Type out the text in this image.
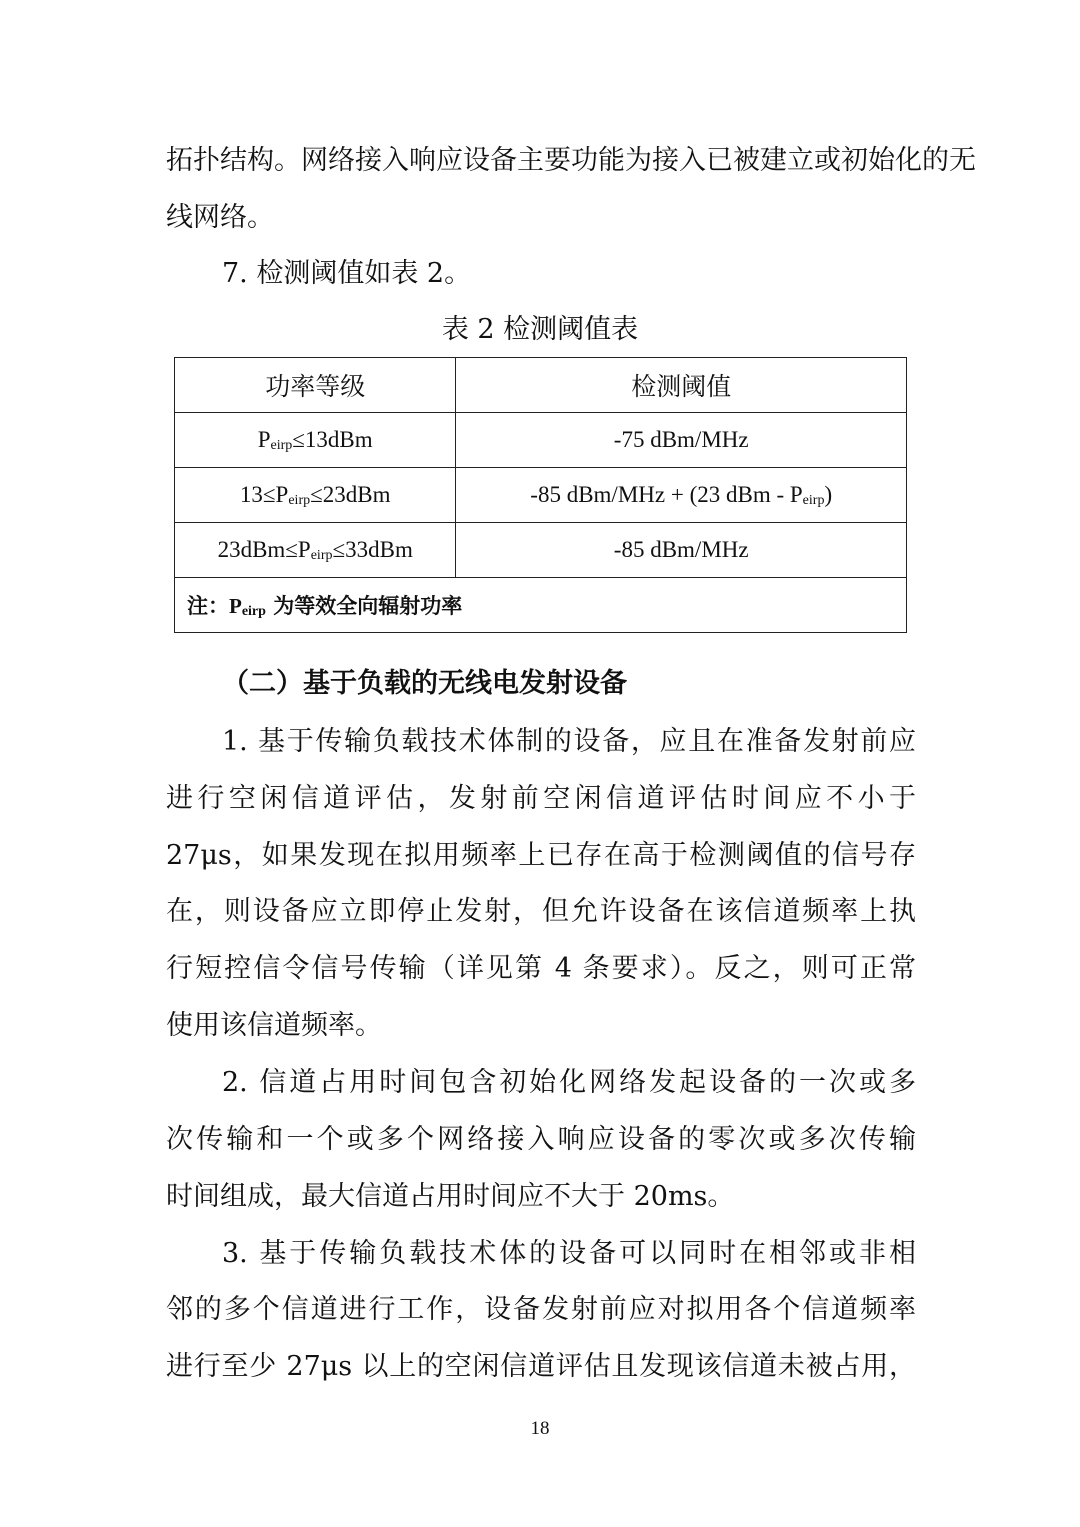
拓扑结构。网络接入响应设备主要功能为接入已被建立或初始化的无
线网络。
7. 检测阈值如表 2。
表 2 检测阈值表
功率等级	检测阈值
$P_{eirp}\le 13dBm$	-75 dBm/MHz
$13\le P_{eirp}\le 23dBm$	-85 dBm/MHz + (23 dBm - $P_{eirp}$)
$23dBm\le P_{eirp}\le 33dBm$	-85 dBm/MHz
注：$P_{eirp}$ 为等效全向辐射功率	
（二）基于负载的无线电发射设备
1. 基于传输负载技术体制的设备，应且在准备发射前应
进行空闲信道评估，发射前空闲信道评估时间应不小于
27μs，如果发现在拟用频率上已存在高于检测阈值的信号存
在，则设备应立即停止发射，但允许设备在该信道频率上执
行短控信令信号传输（详见第 4 条要求）。反之，则可正常
使用该信道频率。
2. 信道占用时间包含初始化网络发起设备的一次或多
次传输和一个或多个网络接入响应设备的零次或多次传输
时间组成，最大信道占用时间应不大于 20ms。
3. 基于传输负载技术体的设备可以同时在相邻或非相
邻的多个信道进行工作，设备发射前应对拟用各个信道频率
进行至少 27μs 以上的空闲信道评估且发现该信道未被占用，
18
